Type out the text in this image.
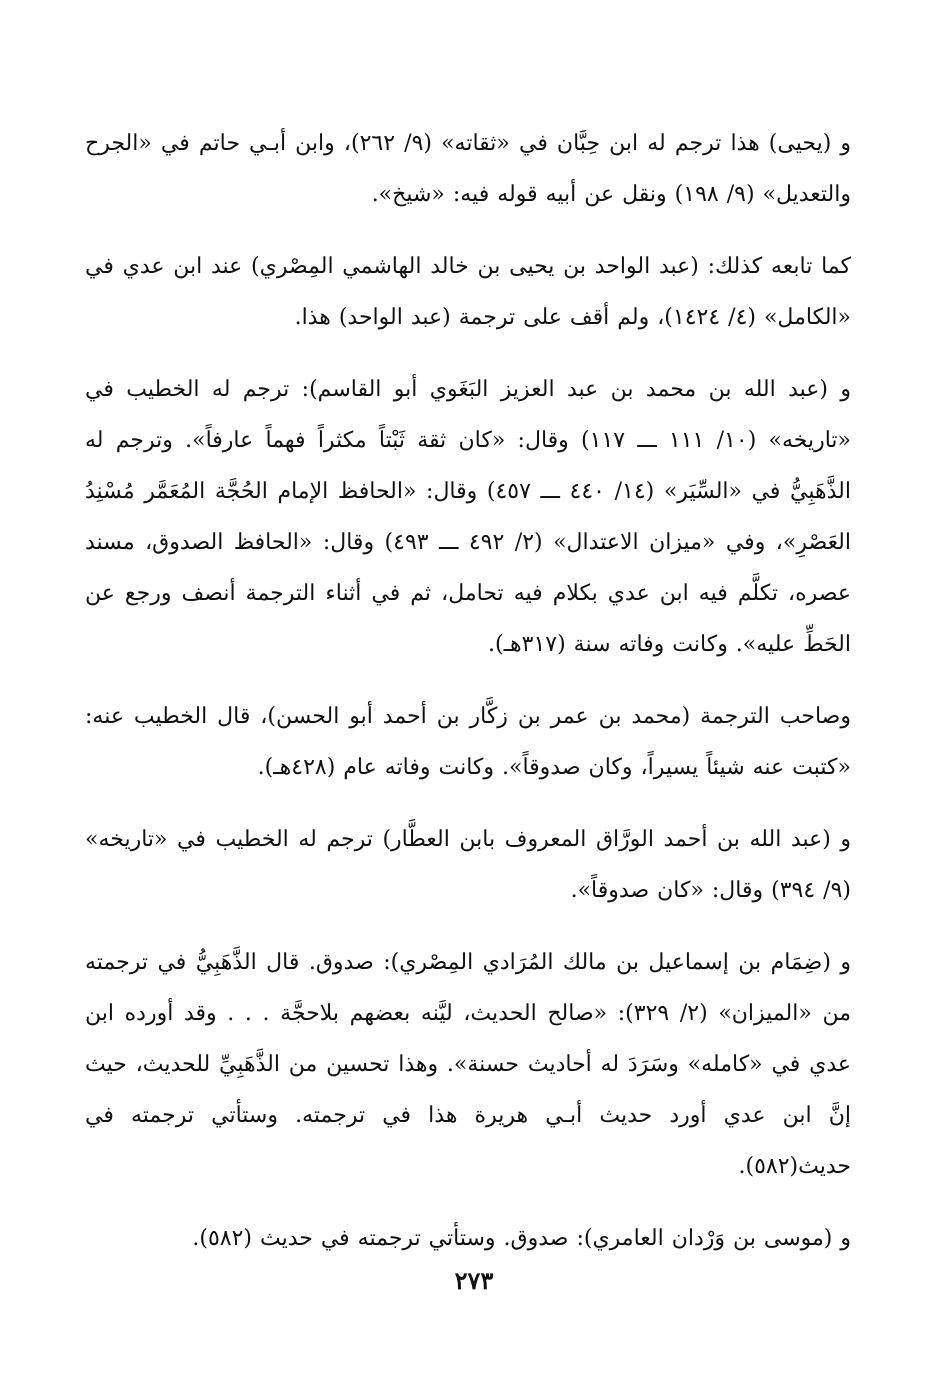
و (يحيى) هذا ترجم له ابن حِبَّان في «ثقاته» (٩/ ٢٦٢)، وابن أبـي حاتم في «الجرح والتعديل» (٩/ ١٩٨) ونقل عن أبيه قوله فيه: «شيخ».

كما تابعه كذلك: (عبد الواحد بن يحيى بن خالد الهاشمي المِصْري) عند ابن عدي في «الكامل» (٤/ ١٤٢٤)، ولم أقف على ترجمة (عبد الواحد) هذا.

و (عبد الله بن محمد بن عبد العزيز البَغَوي أبو القاسم): ترجم له الخطيب في «تاريخه» (١٠/ ١١١ ـــ ١١٧) وقال: «كان ثقة ثَبْتاً مكثراً فهماً عارفاً». وترجم له الذَّهَبِيُّ في «السِّيَر» (١٤/ ٤٤٠ ـــ ٤٥٧) وقال: «الحافظ الإمام الحُجَّة المُعَمَّر مُسْنِدُ العَصْرِ»، وفي «ميزان الاعتدال» (٢/ ٤٩٢ ـــ ٤٩٣) وقال: «الحافظ الصدوق، مسند عصره، تكلَّم فيه ابن عدي بكلام فيه تحامل، ثم في أثناء الترجمة أنصف ورجع عن الحَطِّ عليه». وكانت وفاته سنة (٣١٧هـ).

وصاحب الترجمة (محمد بن عمر بن زكَّار بن أحمد أبو الحسن)، قال الخطيب عنه: «كتبت عنه شيئاً يسيراً، وكان صدوقاً». وكانت وفاته عام (٤٢٨هـ).

و (عبد الله بن أحمد الورَّاق المعروف بابن العطَّار) ترجم له الخطيب في «تاريخه» (٩/ ٣٩٤) وقال: «كان صدوقاً».

و (ضِمَام بن إسماعيل بن مالك المُرَادي المِصْري): صدوق. قال الذَّهَبِيُّ في ترجمته من «الميزان» (٢/ ٣٢٩): «صالح الحديث، ليَّنه بعضهم بلاحجَّة . . . وقد أورده ابن عدي في «كامله» وسَرَدَ له أحاديث حسنة». وهذا تحسين من الذَّهَبِيِّ للحديث، حيث إنَّ ابن عدي أورد حديث أبـي هريرة هذا في ترجمته. وستأتي ترجمته في حديث(٥٨٢).

و (موسى بن وَرْدان العامري): صدوق. وستأتي ترجمته في حديث (٥٨٢).

٢٧٣
